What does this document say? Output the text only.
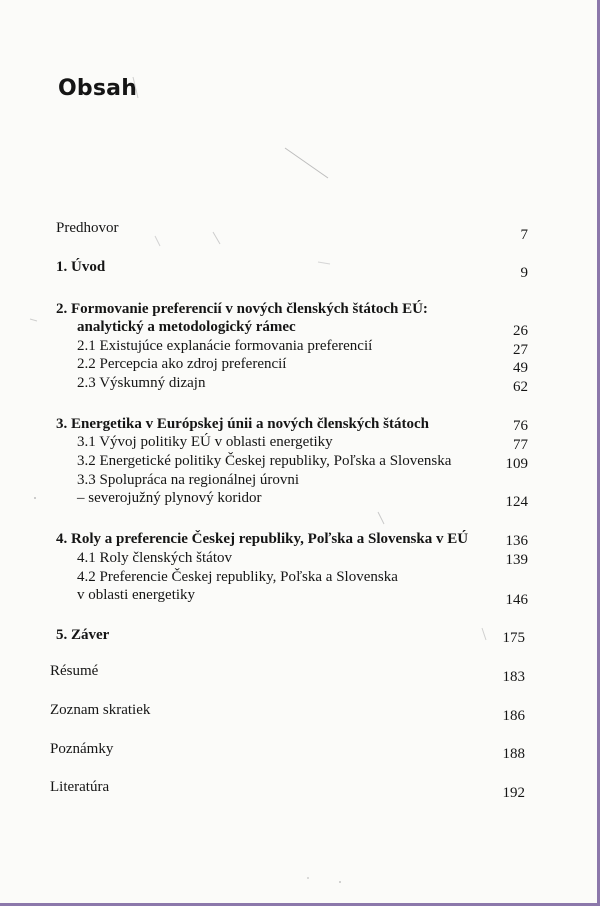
Obsah
Predhovor	7
1. Úvod	9
2. Formovanie preferencií v nových členských štátoch EÚ:
analytický a metodologický rámec	26
2.1 Existujúce explanácie formovania preferencií	27
2.2 Percepcia ako zdroj preferencií	49
2.3 Výskumný dizajn	62
3. Energetika v Európskej únii a nových členských štátoch	76
3.1 Vývoj politiky EÚ v oblasti energetiky	77
3.2 Energetické politiky Českej republiky, Poľska a Slovenska	109
3.3 Spolupráca na regionálnej úrovni
– severojužný plynový koridor	124
4. Roly a preferencie Českej republiky, Poľska a Slovenska v EÚ	136
4.1 Roly členských štátov	139
4.2 Preferencie Českej republiky, Poľska a Slovenska
v oblasti energetiky	146
5. Záver	175
Résumé	183
Zoznam skratiek	186
Poznámky	188
Literatúra	192
